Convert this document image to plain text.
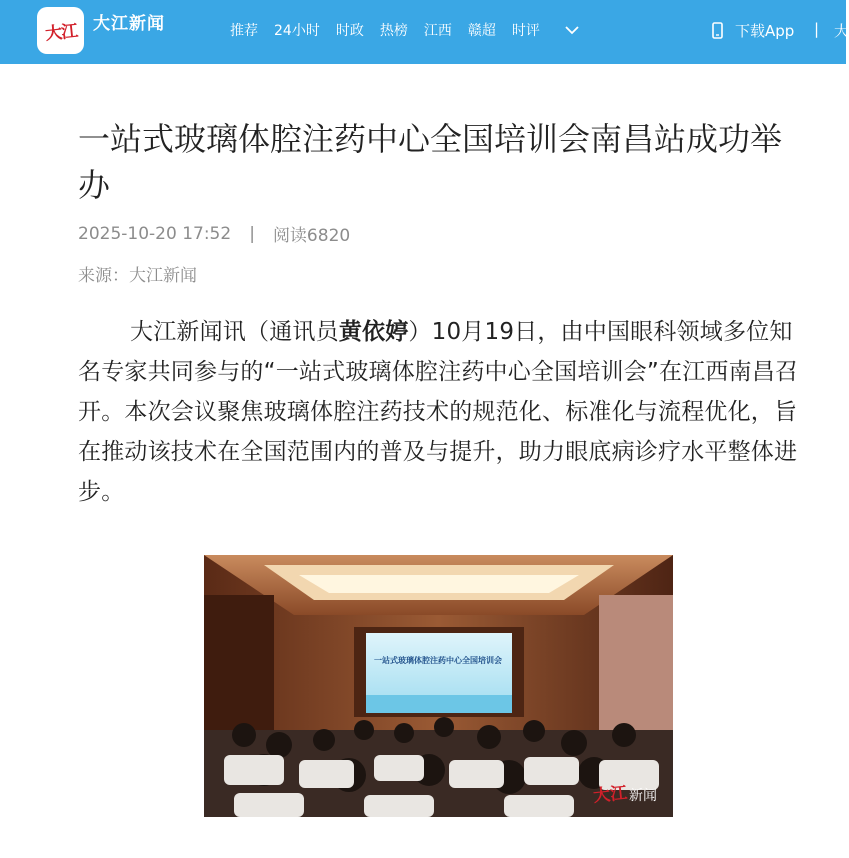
大江 大江新闻	推荐 24小时 时政 热榜 江西 赣超 时评	下载App | 大
一站式玻璃体腔注药中心全国培训会南昌站成功举办
2025-10-20 17:52 | 阅读6820
来源：大江新闻

大江新闻讯（通讯员黄依婷）10月19日，由中国眼科领域多位知名专家共同参与的“一站式玻璃体腔注药中心全国培训会”在江西南昌召开。本次会议聚焦玻璃体腔注药技术的规范化、标准化与流程优化，旨在推动该技术在全国范围内的普及与提升，助力眼底病诊疗水平整体进步。

一站式玻璃体腔注药中心全国培训会
大江 新闻
